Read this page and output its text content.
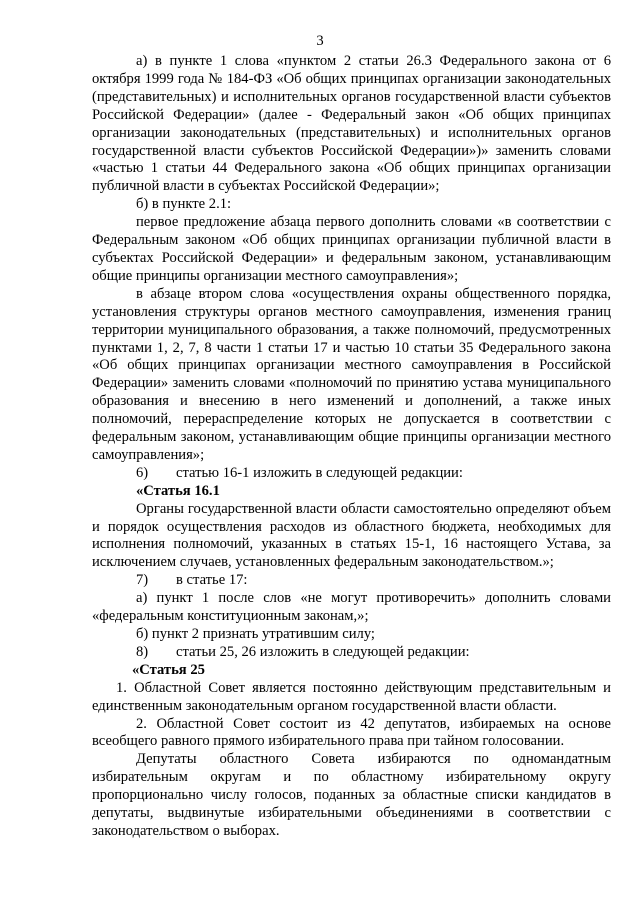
3

а) в пункте 1 слова «пунктом 2 статьи 26.3 Федерального закона от 6 октября 1999 года № 184-ФЗ «Об общих принципах организации законодательных (представительных) и исполнительных органов государственной власти субъектов Российской Федерации» (далее - Федеральный закон «Об общих принципах организации законодательных (представительных) и исполнительных органов государственной власти субъектов Российской Федерации»)» заменить словами «частью 1 статьи 44 Федерального закона «Об общих принципах организации публичной власти в субъектах Российской Федерации»;

б) в пункте 2.1:

первое предложение абзаца первого дополнить словами «в соответствии с Федеральным законом «Об общих принципах организации публичной власти в субъектах Российской Федерации» и федеральным законом, устанавливающим общие принципы организации местного самоуправления»;

в абзаце втором слова «осуществления охраны общественного порядка, установления структуры органов местного самоуправления, изменения границ территории муниципального образования, а также полномочий, предусмотренных пунктами 1, 2, 7, 8 части 1 статьи 17 и частью 10 статьи 35 Федерального закона «Об общих принципах организации местного самоуправления в Российской Федерации» заменить словами «полномочий по принятию устава муниципального образования и внесению в него изменений и дополнений, а также иных полномочий, перераспределение которых не допускается в соответствии с федеральным законом, устанавливающим общие принципы организации местного самоуправления»;

6)	статью 16-1 изложить в следующей редакции:

«Статья 16.1

Органы государственной власти области самостоятельно определяют объем и порядок осуществления расходов из областного бюджета, необходимых для исполнения полномочий, указанных в статьях 15-1, 16 настоящего Устава, за исключением случаев, установленных федеральным законодательством.»;

7)	в статье 17:

а) пункт 1 после слов «не могут противоречить» дополнить словами «федеральным конституционным законам,»;

б) пункт 2 признать утратившим силу;

8)	статьи 25, 26 изложить в следующей редакции:

«Статья 25

1. Областной Совет является постоянно действующим представительным и единственным законодательным органом государственной власти области.

2. Областной Совет состоит из 42 депутатов, избираемых на основе всеобщего равного прямого избирательного права при тайном голосовании.

Депутаты областного Совета избираются по одномандатным избирательным округам и по областному избирательному округу пропорционально числу голосов, поданных за областные списки кандидатов в депутаты, выдвинутые избирательными объединениями в соответствии с законодательством о выборах.
